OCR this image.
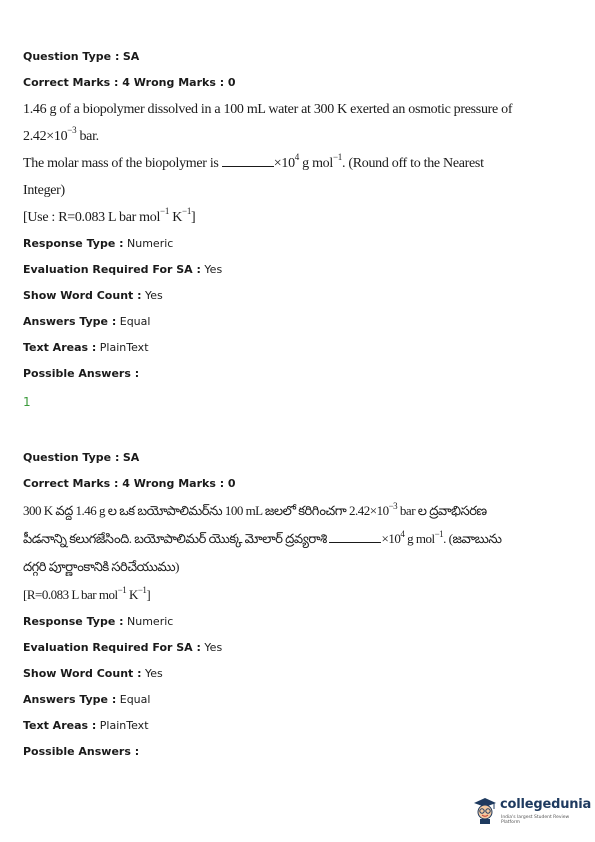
Question Type : SA
Correct Marks : 4 Wrong Marks : 0
1.46 g of a biopolymer dissolved in a 100 mL water at 300 K exerted an osmotic pressure of
$2.42\times 10^{-3}$ bar.
The molar mass of the biopolymer is	$\times 10^4$ g mol$^{-1}$. (Round off to the Nearest
Integer)
[Use : R=0.083 L bar mol$^{-1}$ $K^{-1}$]
Response Type : Numeric
Evaluation Required For SA : Yes
Show Word Count : Yes
Answers Type : Equal
Text Areas : PlainText
Possible Answers :
1
Question Type : SA
Correct Marks : 4 Wrong Marks : 0
300 K వద్ద 1.46 g ల ఒక బయోపాలిమర్‌ను 100 mL జలలో కరిగించగా $2.42\times 10^{-3}$ bar ల ద్రవాభిసరణ
పీడనాన్ని కలుగజేసింది. బయోపాలిమర్ యొక్క మోలార్ ద్రవ్యరాశి	$\times 10^4$ g mol$^{-1}$. (జవాబును
దగ్గరి పూర్ణాంకానికి సరిచేయుము)
[R=0.083 L bar mol$^{-1}$ $K^{-1}$]
Response Type : Numeric
Evaluation Required For SA : Yes
Show Word Count : Yes
Answers Type : Equal
Text Areas : PlainText
Possible Answers :
collegedunia
India's largest Student Review Platform
